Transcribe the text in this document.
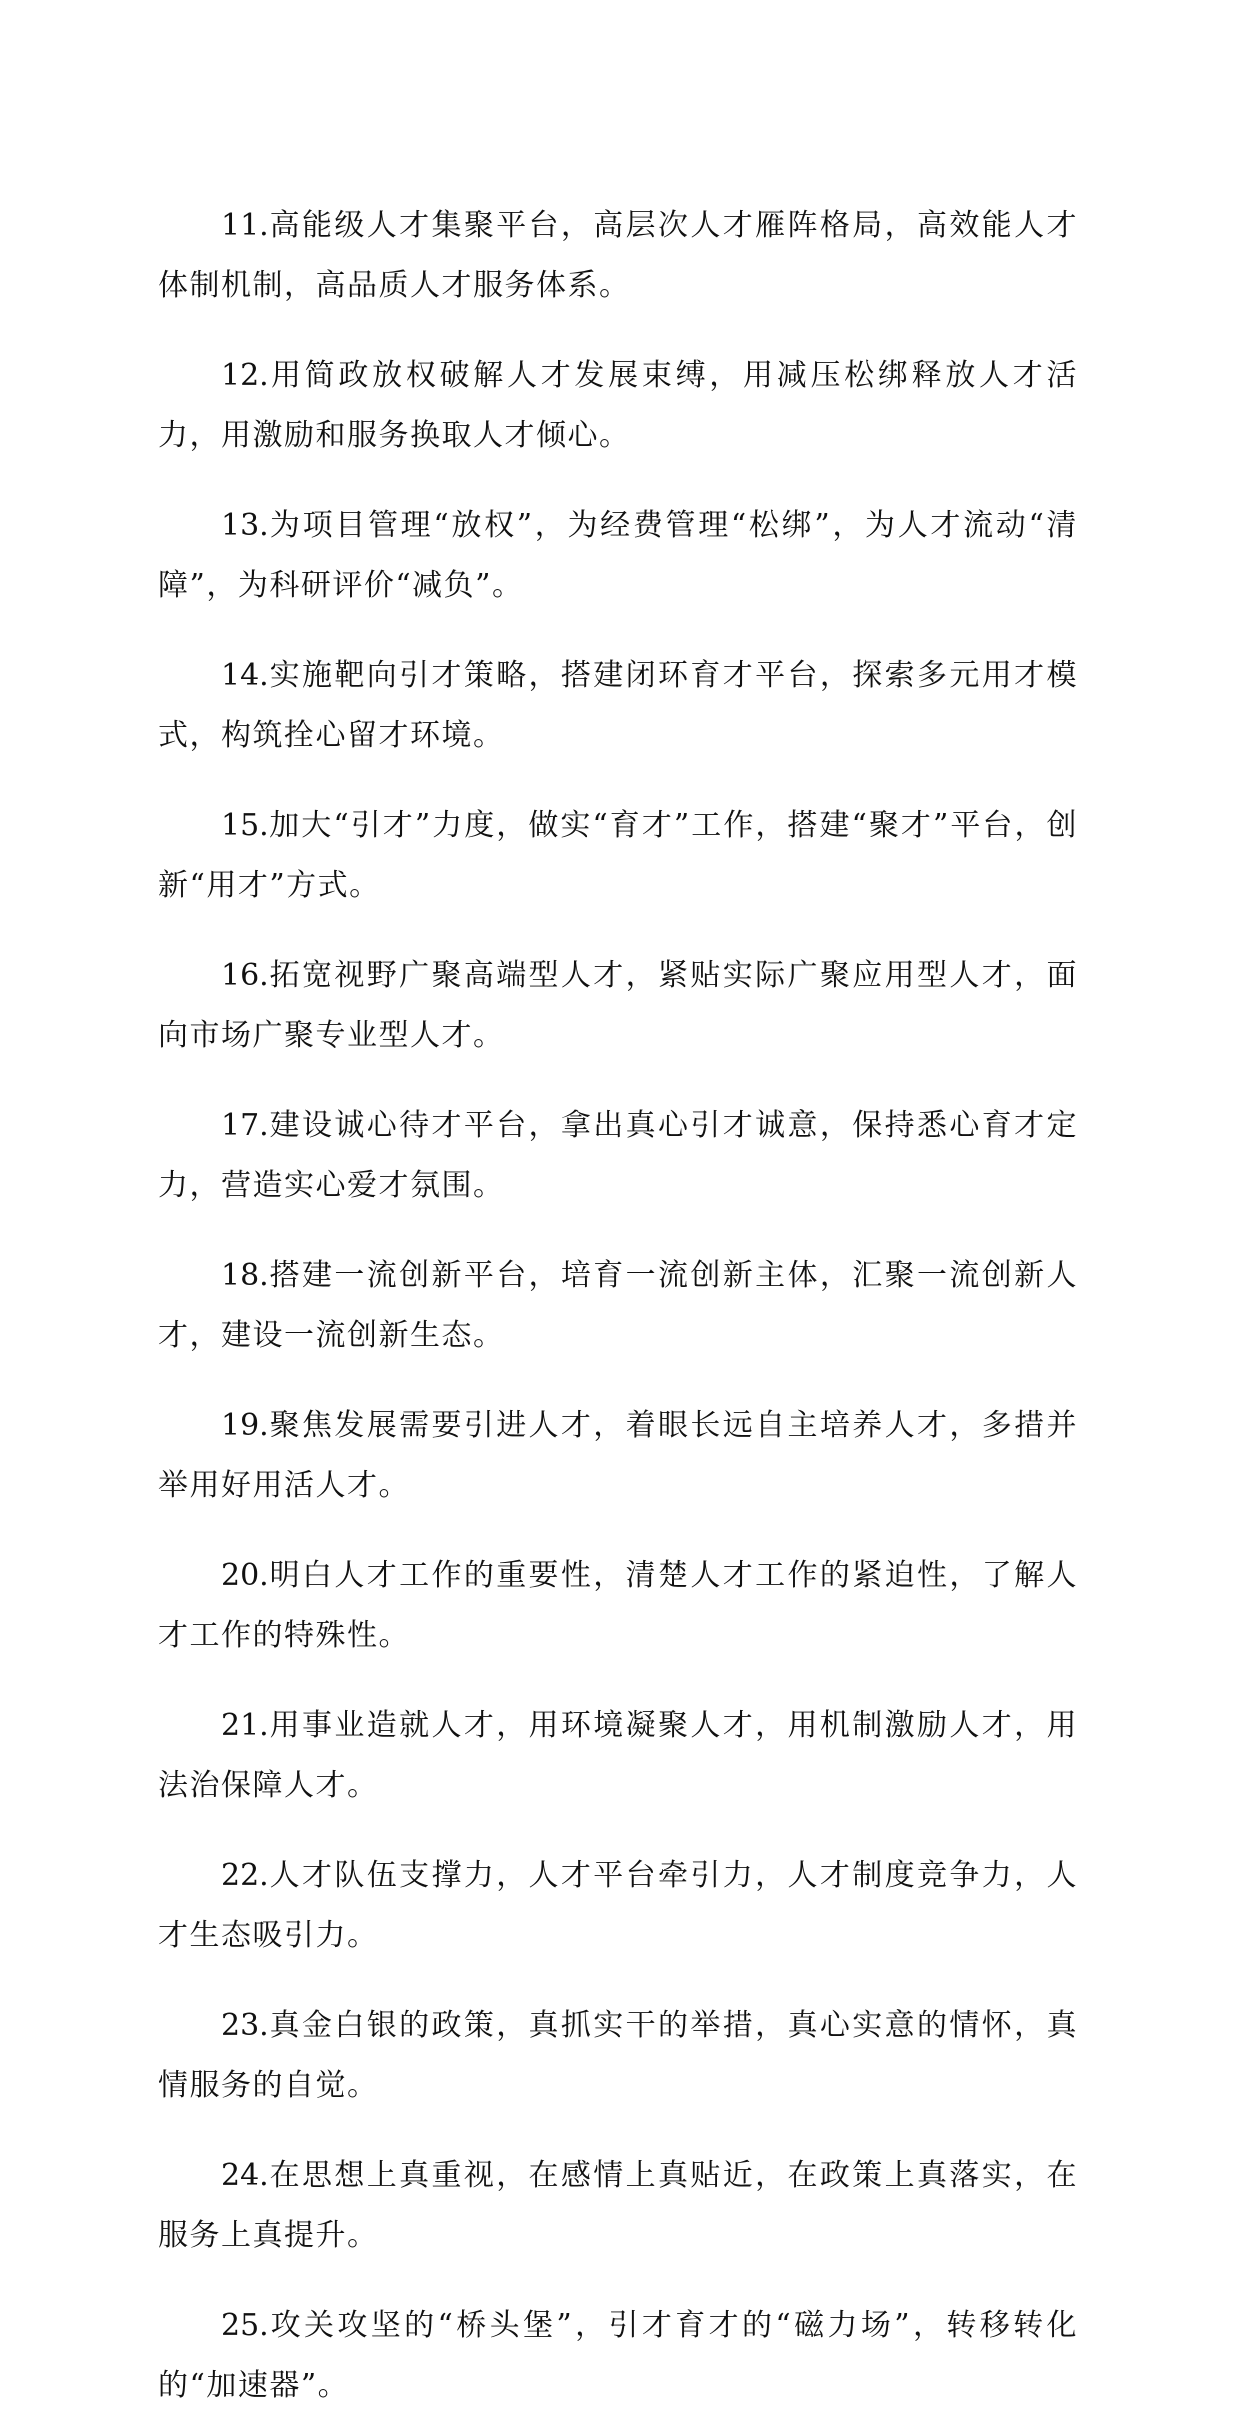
11.高能级人才集聚平台，高层次人才雁阵格局，高效能人才体制机制，高品质人才服务体系。

12.用简政放权破解人才发展束缚，用减压松绑释放人才活力，用激励和服务换取人才倾心。

13.为项目管理“放权”，为经费管理“松绑”，为人才流动“清障”，为科研评价“减负”。

14.实施靶向引才策略，搭建闭环育才平台，探索多元用才模式，构筑拴心留才环境。

15.加大“引才”力度，做实“育才”工作，搭建“聚才”平台，创新“用才”方式。

16.拓宽视野广聚高端型人才，紧贴实际广聚应用型人才，面向市场广聚专业型人才。

17.建设诚心待才平台，拿出真心引才诚意，保持悉心育才定力，营造实心爱才氛围。

18.搭建一流创新平台，培育一流创新主体，汇聚一流创新人才，建设一流创新生态。

19.聚焦发展需要引进人才，着眼长远自主培养人才，多措并举用好用活人才。

20.明白人才工作的重要性，清楚人才工作的紧迫性，了解人才工作的特殊性。

21.用事业造就人才，用环境凝聚人才，用机制激励人才，用法治保障人才。

22.人才队伍支撑力，人才平台牵引力，人才制度竞争力，人才生态吸引力。

23.真金白银的政策，真抓实干的举措，真心实意的情怀，真情服务的自觉。

24.在思想上真重视，在感情上真贴近，在政策上真落实，在服务上真提升。

25.攻关攻坚的“桥头堡”，引才育才的“磁力场”，转移转化的“加速器”。
